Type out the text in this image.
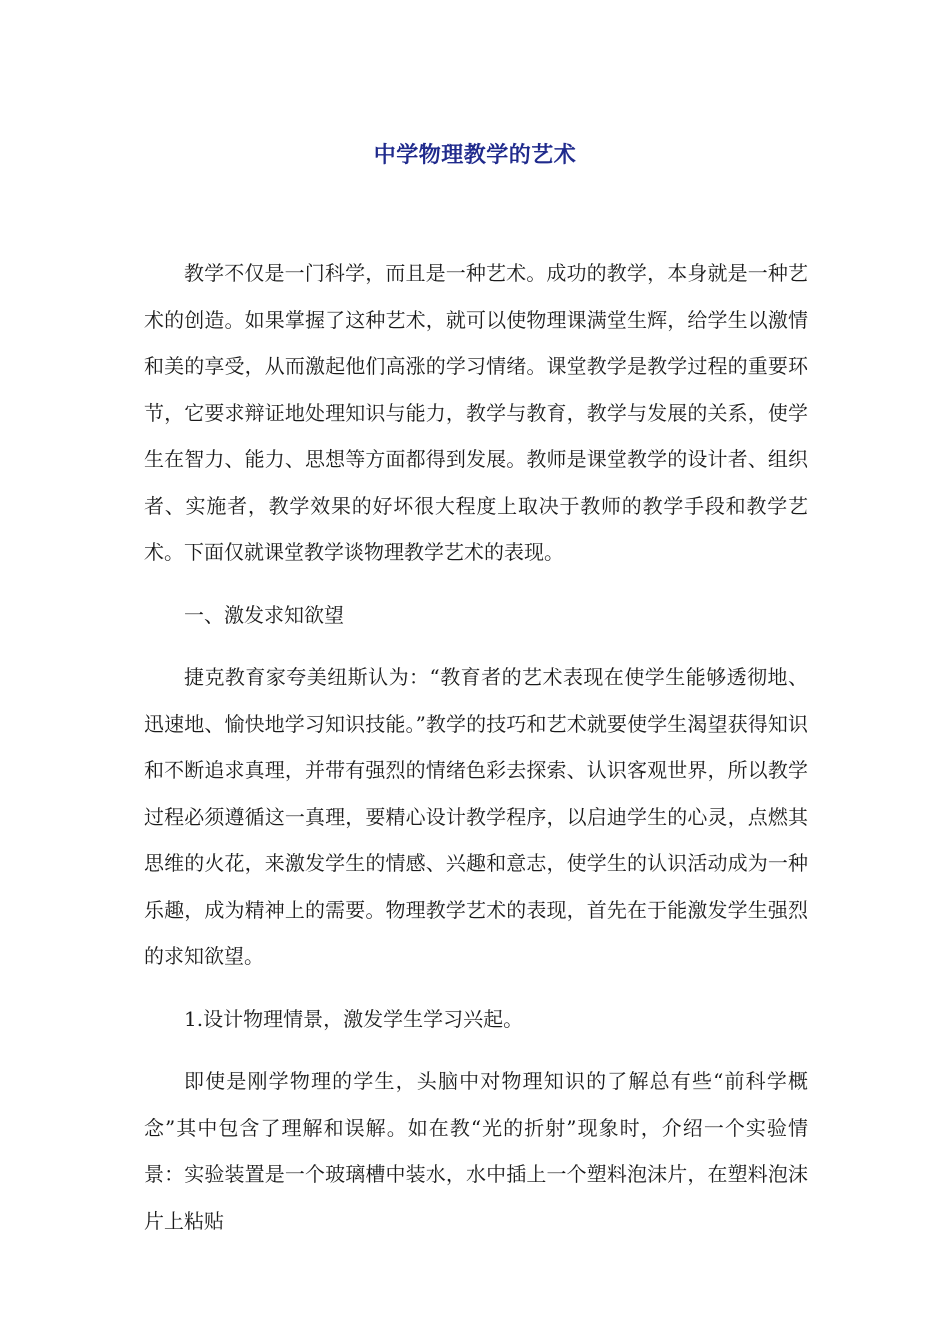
中学物理教学的艺术

教学不仅是一门科学，而且是一种艺术。成功的教学，本身就是一种艺术的创造。如果掌握了这种艺术，就可以使物理课满堂生辉，给学生以激情和美的享受，从而激起他们高涨的学习情绪。课堂教学是教学过程的重要环节，它要求辩证地处理知识与能力，教学与教育，教学与发展的关系，使学生在智力、能力、思想等方面都得到发展。教师是课堂教学的设计者、组织者、实施者，教学效果的好坏很大程度上取决于教师的教学手段和教学艺术。下面仅就课堂教学谈物理教学艺术的表现。

一、激发求知欲望

捷克教育家夸美纽斯认为：“教育者的艺术表现在使学生能够透彻地、迅速地、愉快地学习知识技能。”教学的技巧和艺术就要使学生渴望获得知识和不断追求真理，并带有强烈的情绪色彩去探索、认识客观世界，所以教学过程必须遵循这一真理，要精心设计教学程序，以启迪学生的心灵，点燃其思维的火花，来激发学生的情感、兴趣和意志，使学生的认识活动成为一种乐趣，成为精神上的需要。物理教学艺术的表现，首先在于能激发学生强烈的求知欲望。

1.设计物理情景，激发学生学习兴起。

即使是刚学物理的学生，头脑中对物理知识的了解总有些“前科学概念”其中包含了理解和误解。如在教“光的折射”现象时，介绍一个实验情景：实验装置是一个玻璃槽中装水，水中插上一个塑料泡沫片，在塑料泡沫片上粘贴
